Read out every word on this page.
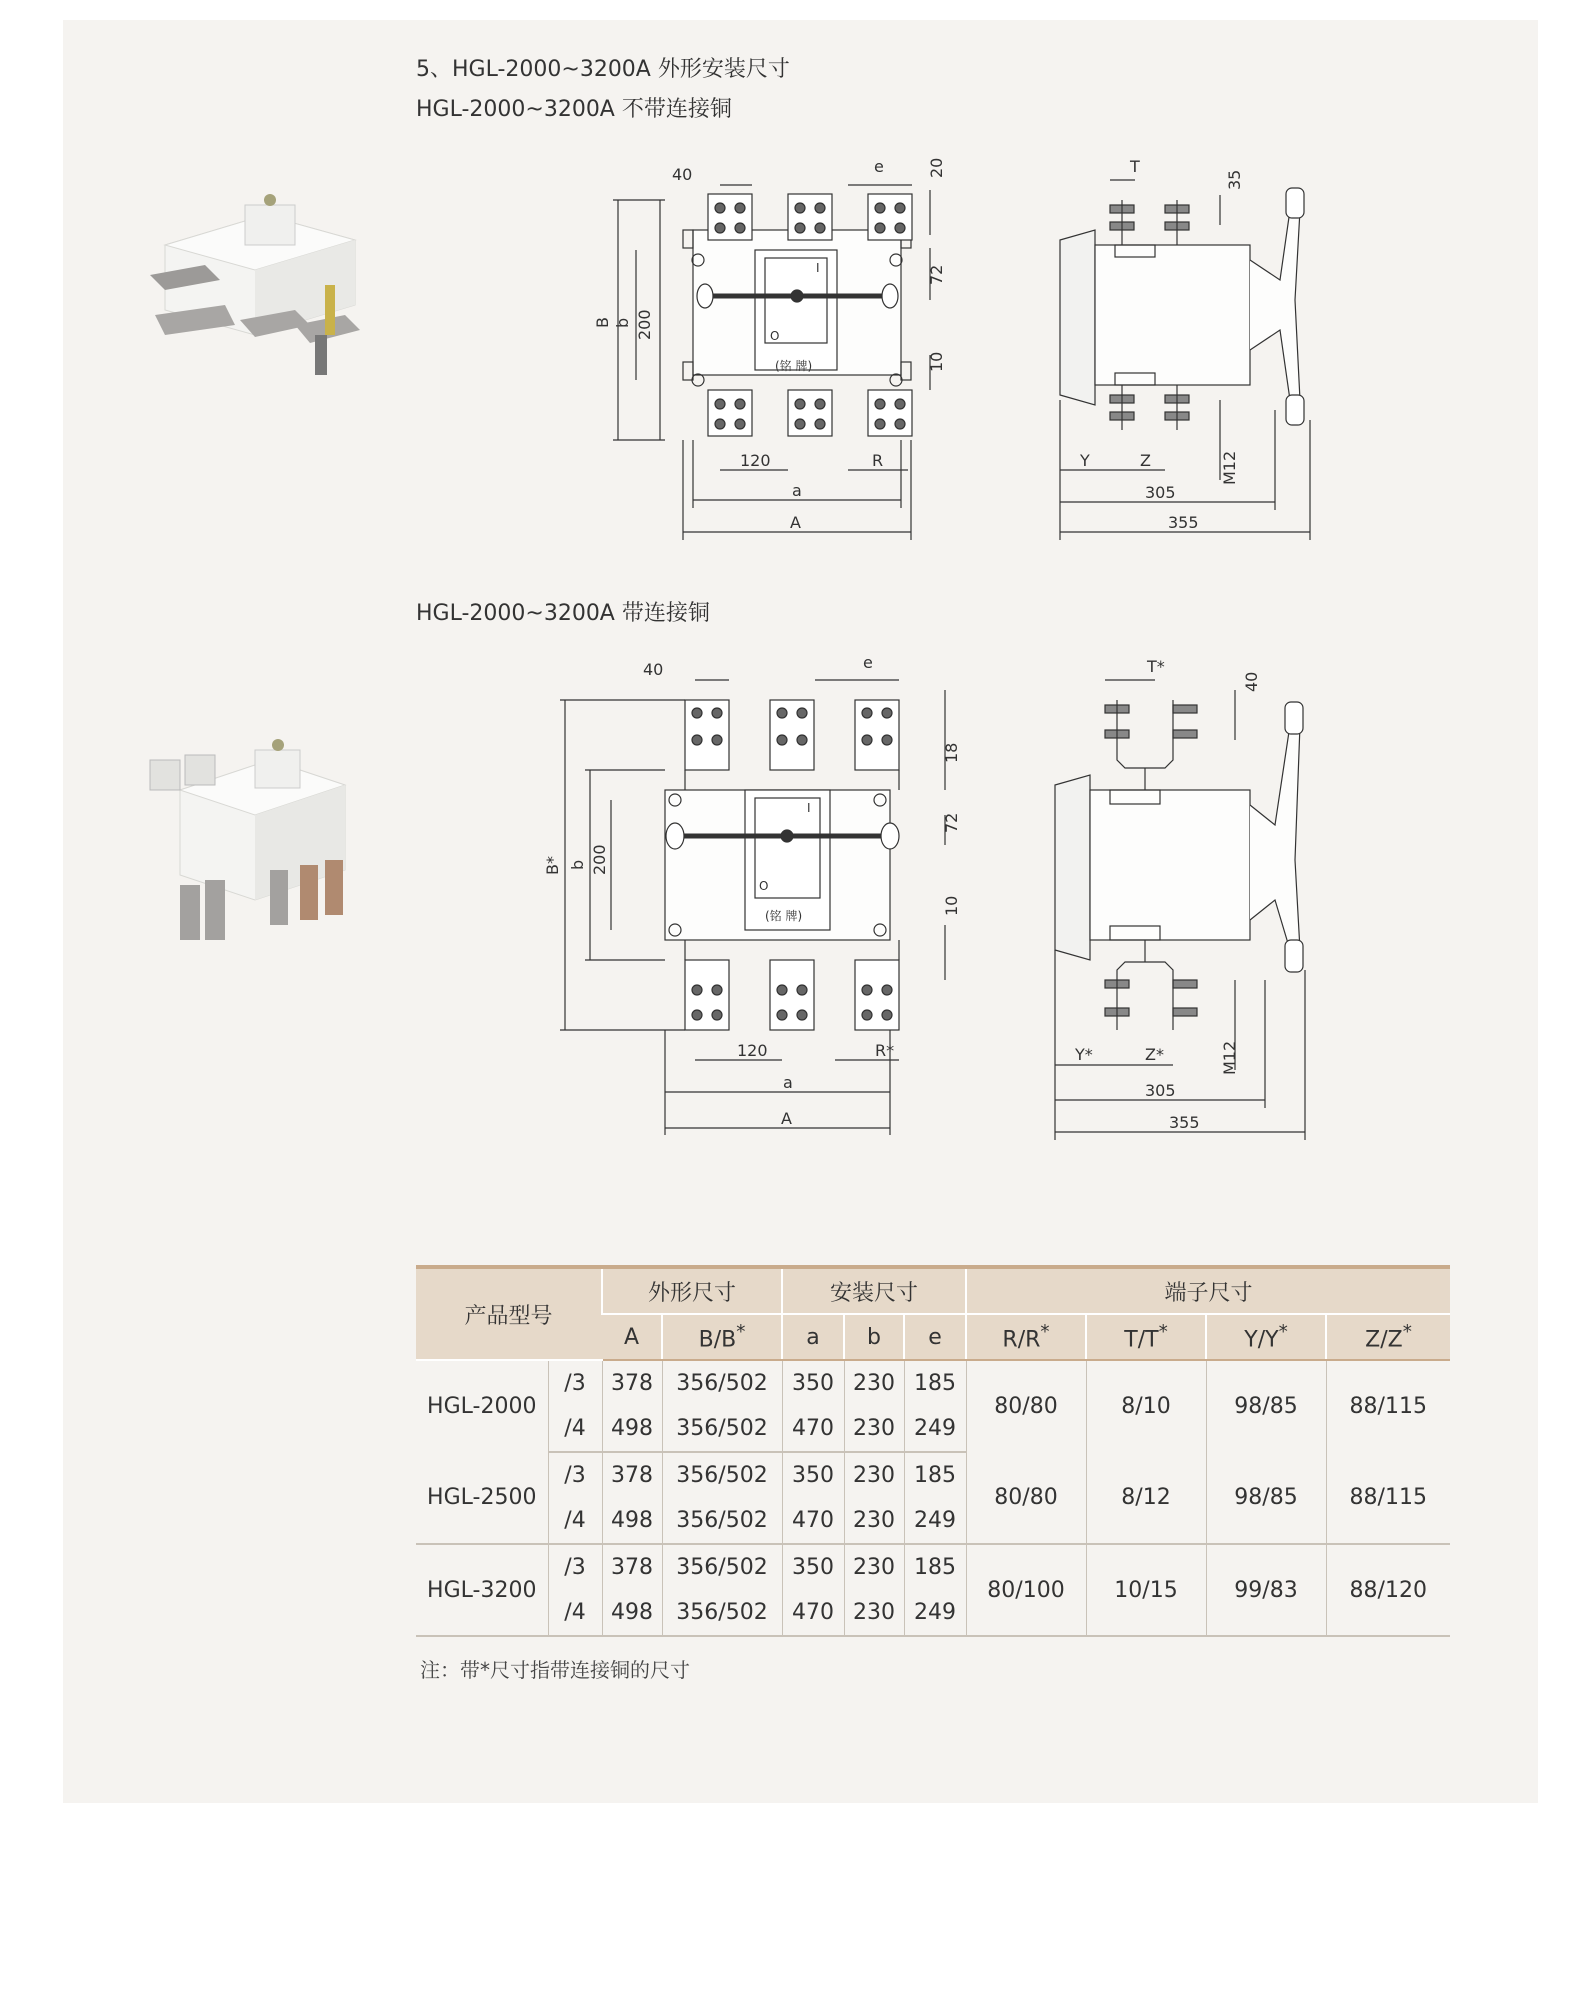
5、HGL-2000~3200A 外形安装尺寸
HGL-2000~3200A 不带连接铜
HGL-2000~3200A 带连接铜
40	e	20
72
10
B b 200
120	R
a
A
(铭 牌)
I
O
T
35
Y	Z	M12
305
355
40	e
18
72
10
B* b 200
120	R*
a
A
(铭 牌)
I
O
T*
40
Y*	Z*	M12
305
355
产品型号		外形尺寸		安装尺寸			端子尺寸			
		A	B/B*	a	b	e	R/R*	T/T*	Y/Y*	Z/Z*
HGL-2000	/3	378	356/502	350	230	185	80/80	8/10	98/85	88/115
	/4	498	356/502	470	230	249				
HGL-2500	/3	378	356/502	350	230	185	80/80	8/12	98/85	88/115
	/4	498	356/502	470	230	249				
HGL-3200	/3	378	356/502	350	230	185	80/100	10/15	99/83	88/120
	/4	498	356/502	470	230	249				
注：带*尺寸指带连接铜的尺寸
